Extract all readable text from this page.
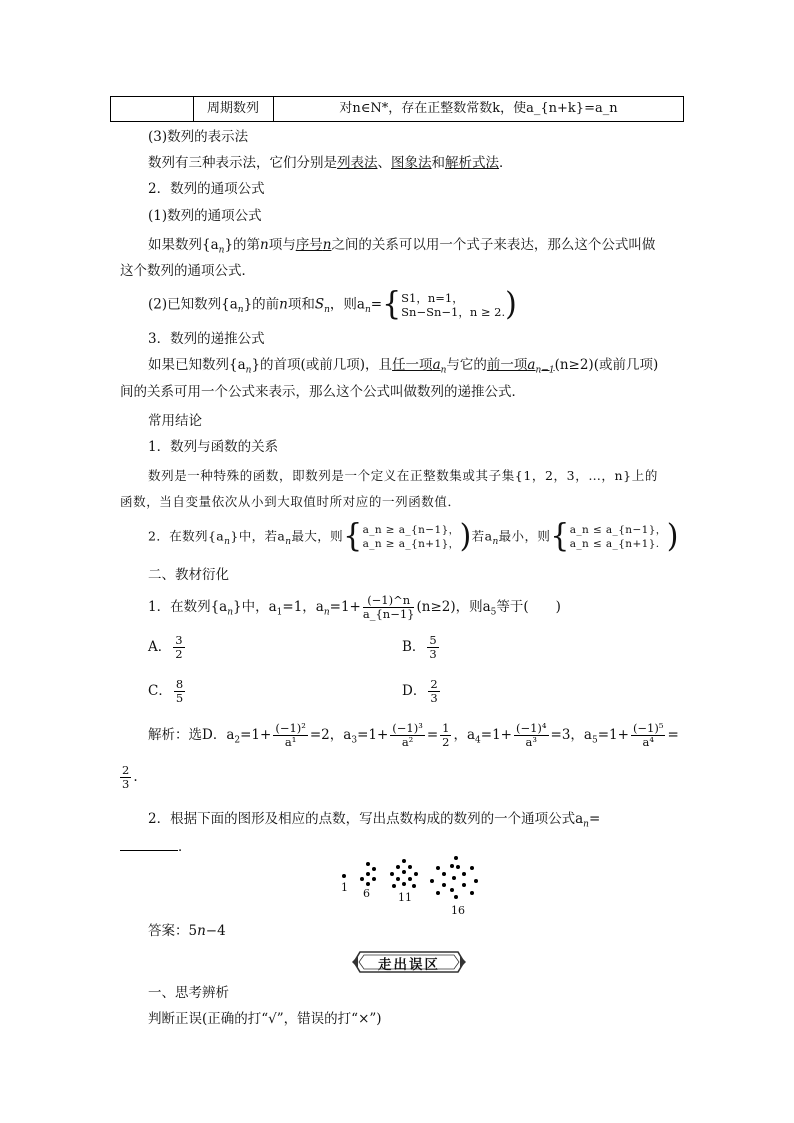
周期数列	对n∈N*，存在正整数常数k，使a_{n+k}=a_n
(3)数列的表示法
数列有三种表示法，它们分别是列表法、图象法和解析式法．
2．数列的通项公式
(1)数列的通项公式
如果数列$\{a_n\}$的第n项与序号n之间的关系可以用一个式子来表达，那么这个公式叫做
这个数列的通项公式．
(2)已知数列$\{a_n\}$的前n项和$S_n$，则$a_n=${ S1，n=1，
Sn−Sn−1，n ≥ 2. )
3．数列的递推公式
如果已知数列$\{a_n\}$的首项(或前几项)，且任一项$a_n$与它的前一项$a_{n-1}(n\ge 2)$(或前几项)
间的关系可用一个公式来表示，那么这个公式叫做数列的递推公式．
常用结论
1．数列与函数的关系
数列是一种特殊的函数，即数列是一个定义在正整数集或其子集{1，2，3，…，n}上的
函数，当自变量依次从小到大取值时所对应的一列函数值．
2．在数列$\{a_n\}$中，若$a_n$最大，则{ a_n ≥ a_{n−1}，
a_n ≥ a_{n+1}， )若$a_n$最小，则{ a_n ≤ a_{n−1}，
a_n ≤ a_{n+1}. )
二、教材衍化
1．在数列$\{a_n\}$中，$a_1=1$，$a_n=1+ \frac{(-1)\^{}n}{a\_\{n-1\}} (n\ge 2)$，则$a_5$等于(　　)
A． $\frac{3}{2}$	B． $\frac{5}{3}$
C． $\frac{8}{5}$	D． $\frac{2}{3}$
解析：选D．$a_2=1+ \frac{\text{(−1)²}}{\text{a¹}} =2$，$a_3=1+ \frac{\text{(−1)³}}{\text{a²}} = \frac{1}{2}$ ，$a_4=1+ \frac{\text{(−1)⁴}}{\text{a³}} =3$，$a_5=1+ \frac{\text{(−1)⁵}}{\text{a⁴}}$ =
$\frac{2}{3}$ .
2．根据下面的图形及相应的点数，写出点数构成的数列的一个通项公式$a_n=$
．
1 6	11
16
答案：5n−4
走出误区
一、思考辨析
判断正误(正确的打“√”，错误的打“×”)
